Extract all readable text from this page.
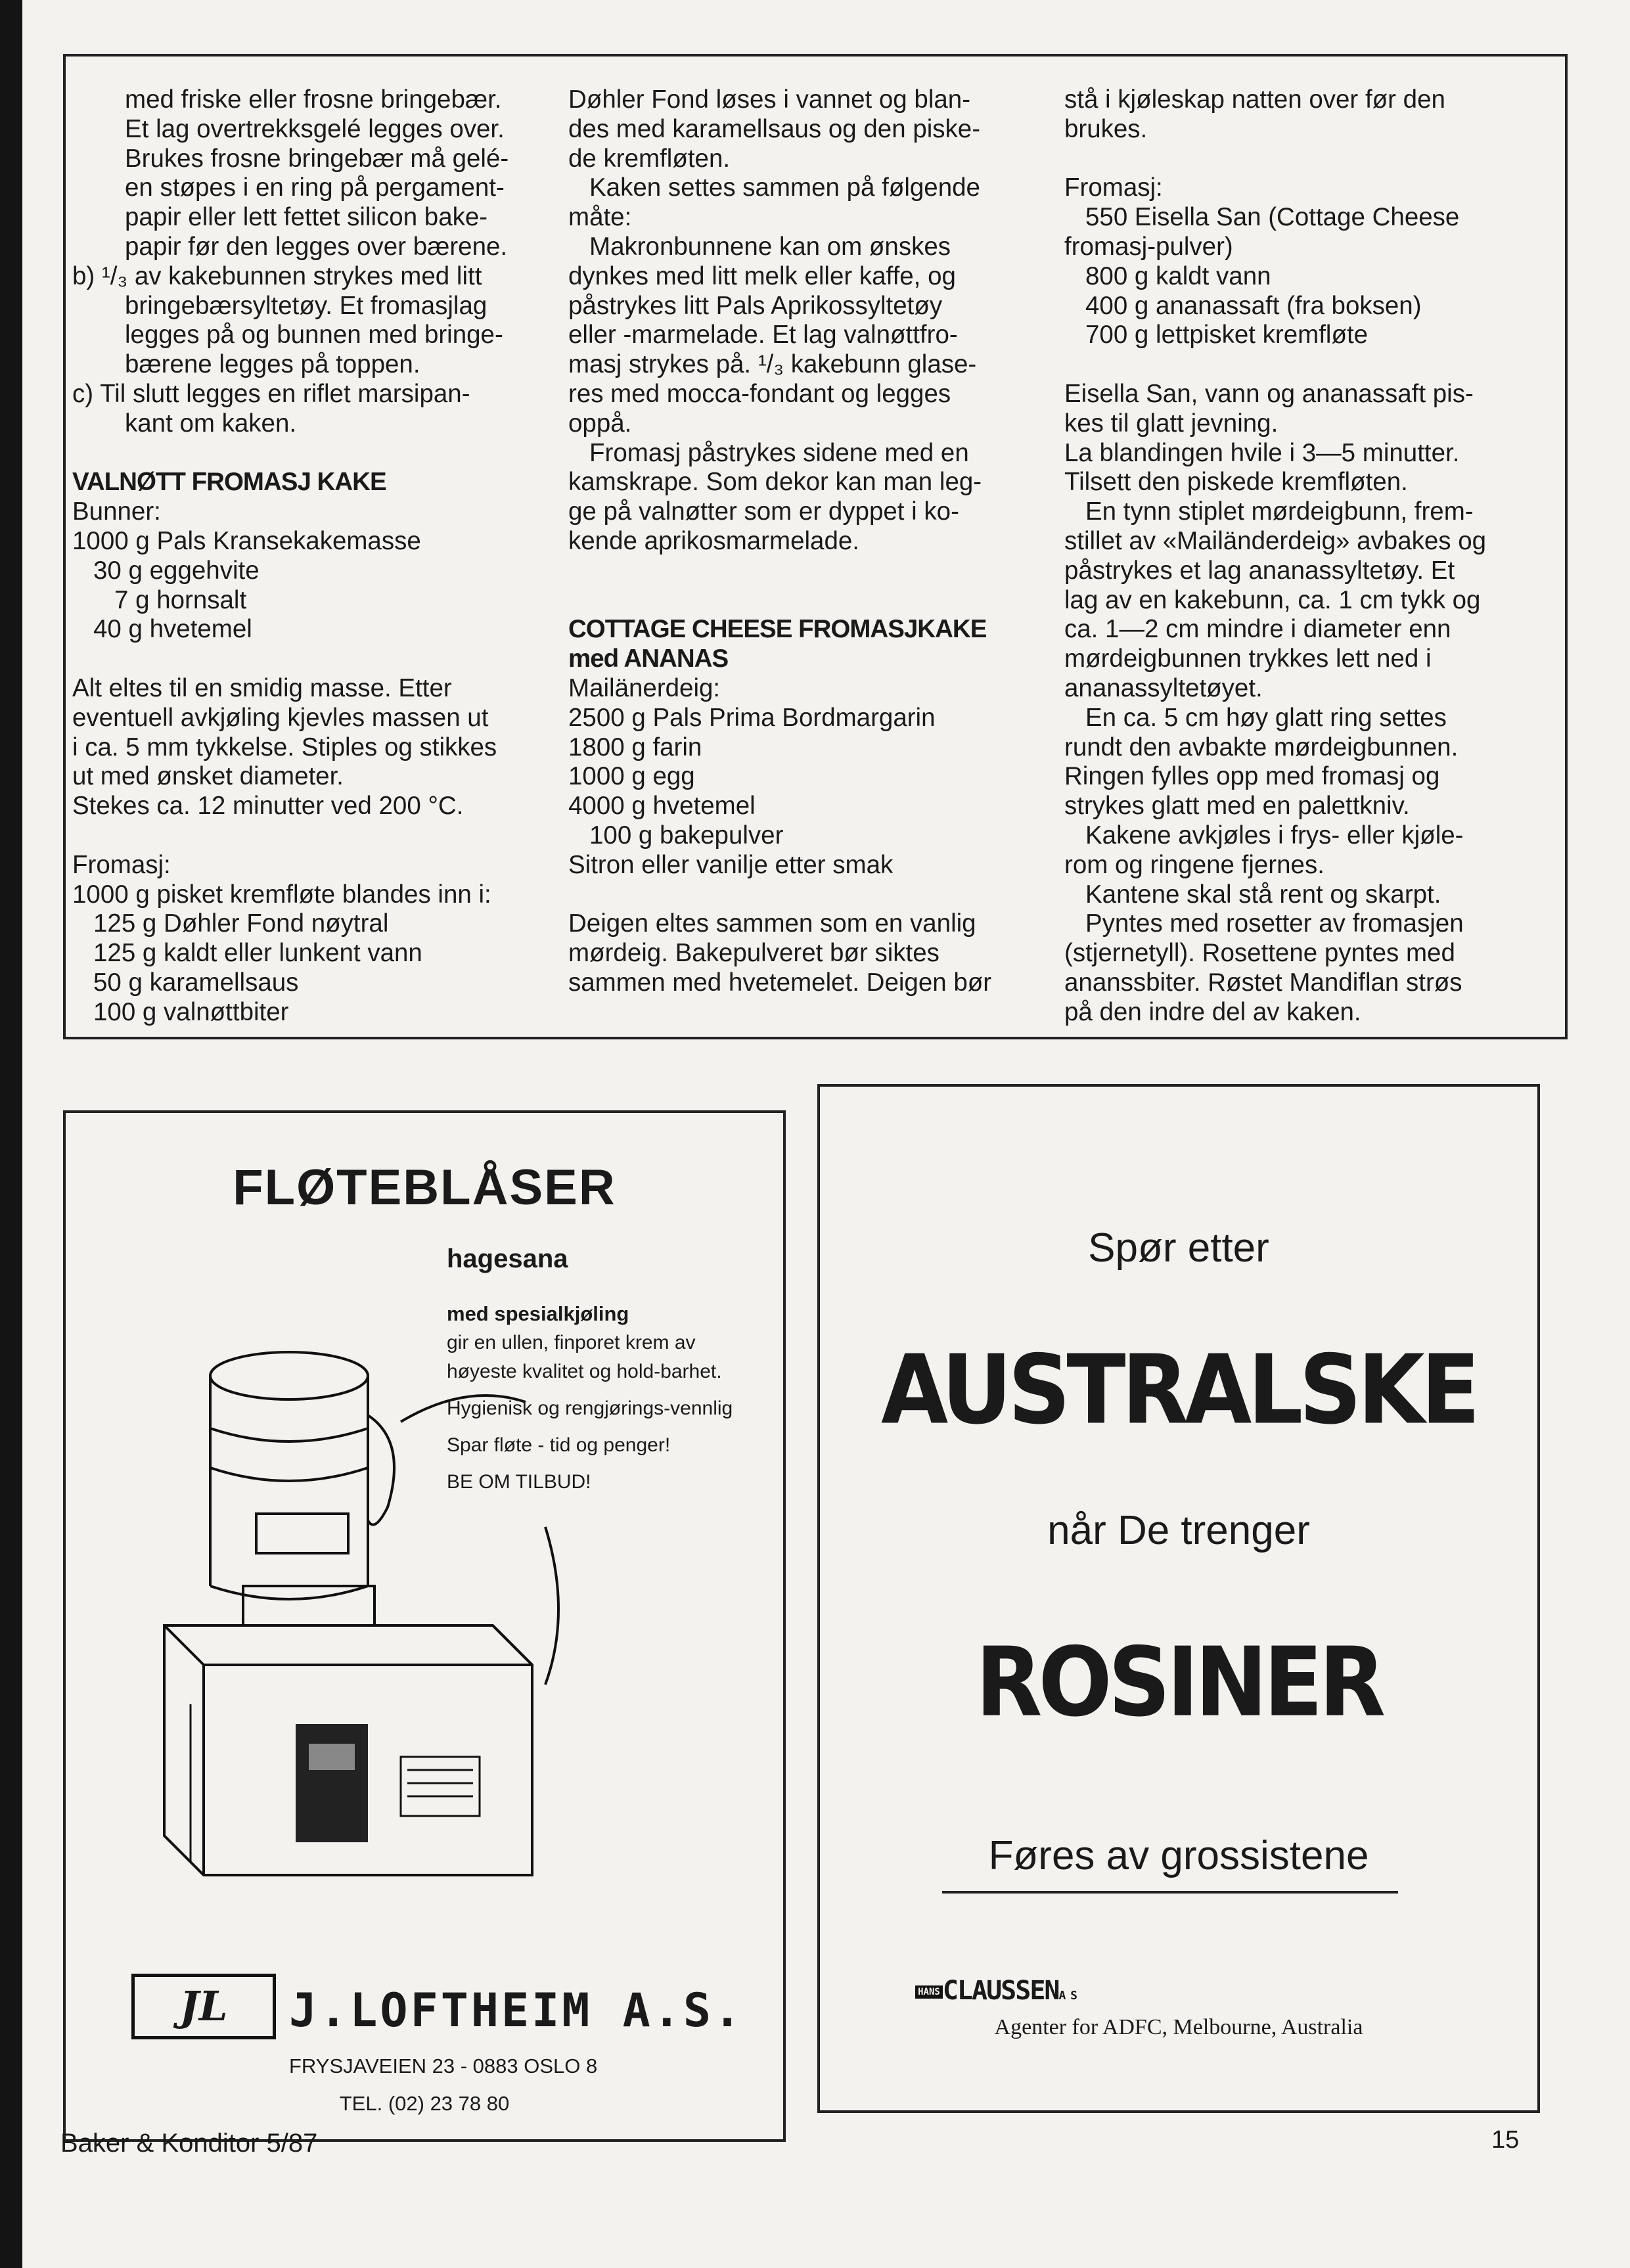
med friske eller frosne bringebær.
Et lag overtrekksgelé legges over.
Brukes frosne bringebær må gelé-
en støpes i en ring på pergament-
papir eller lett fettet silicon bake-
papir før den legges over bærene.
b) ¹/₃ av kakebunnen strykes med litt
bringebærsyltetøy. Et fromasjlag
legges på og bunnen med bringe-
bærene legges på toppen.
c) Til slutt legges en riflet marsipan-
kant om kaken.
VALNØTT FROMASJ KAKE
Bunner:
1000 g Pals Kransekakemasse
30 g eggehvite
7 g hornsalt
40 g hvetemel
Alt eltes til en smidig masse. Etter
eventuell avkjøling kjevles massen ut
i ca. 5 mm tykkelse. Stiples og stikkes
ut med ønsket diameter.
Stekes ca. 12 minutter ved 200 °C.
Fromasj:
1000 g pisket kremfløte blandes inn i:
125 g Døhler Fond nøytral
125 g kaldt eller lunkent vann
50 g karamellsaus
100 g valnøttbiter
Døhler Fond løses i vannet og blan-
des med karamellsaus og den piske-
de kremfløten.
Kaken settes sammen på følgende
måte:
Makronbunnene kan om ønskes
dynkes med litt melk eller kaffe, og
påstrykes litt Pals Aprikossyltetøy
eller -marmelade. Et lag valnøttfro-
masj strykes på. ¹/₃ kakebunn glase-
res med mocca-fondant og legges
oppå.
Fromasj påstrykes sidene med en
kamskrape. Som dekor kan man leg-
ge på valnøtter som er dyppet i ko-
kende aprikosmarmelade.
COTTAGE CHEESE FROMASJKAKE
med ANANAS
Mailänerdeig:
2500 g Pals Prima Bordmargarin
1800 g farin
1000 g egg
4000 g hvetemel
100 g bakepulver
Sitron eller vanilje etter smak
Deigen eltes sammen som en vanlig
mørdeig. Bakepulveret bør siktes
sammen med hvetemelet. Deigen bør
stå i kjøleskap natten over før den
brukes.
Fromasj:
550 Eisella San (Cottage Cheese
fromasj-pulver)
800 g kaldt vann
400 g ananassaft (fra boksen)
700 g lettpisket kremfløte
Eisella San, vann og ananassaft pis-
kes til glatt jevning.
La blandingen hvile i 3—5 minutter.
Tilsett den piskede kremfløten.
En tynn stiplet mørdeigbunn, frem-
stillet av «Mailänderdeig» avbakes og
påstrykes et lag ananassyltetøy. Et
lag av en kakebunn, ca. 1 cm tykk og
ca. 1—2 cm mindre i diameter enn
mørdeigbunnen trykkes lett ned i
ananassyltetøyet.
En ca. 5 cm høy glatt ring settes
rundt den avbakte mørdeigbunnen.
Ringen fylles opp med fromasj og
strykes glatt med en palettkniv.
Kakene avkjøles i frys- eller kjøle-
rom og ringene fjernes.
Kantene skal stå rent og skarpt.
Pyntes med rosetter av fromasjen
(stjernetyll). Rosettene pyntes med
ananssbiter. Røstet Mandiflan strøs
på den indre del av kaken.
FLØTEBLÅSER
hagesana
med spesialkjøling

gir en ullen, finporet krem av høyeste kvalitet og hold-barhet.

Hygienisk og rengjørings-vennlig

Spar fløte - tid og penger!

BE OM TILBUD!

JL	J.LOFTHEIM A.S.
FRYSJAVEIEN 23 - 0883 OSLO 8
TEL. (02) 23 78 80
Spør etter
AUSTRALSKE
når De trenger
ROSINER
Føres av grossistene
HANS CLAUSSENA S
Agenter for ADFC, Melbourne, Australia
Baker & Konditor 5/87	15
